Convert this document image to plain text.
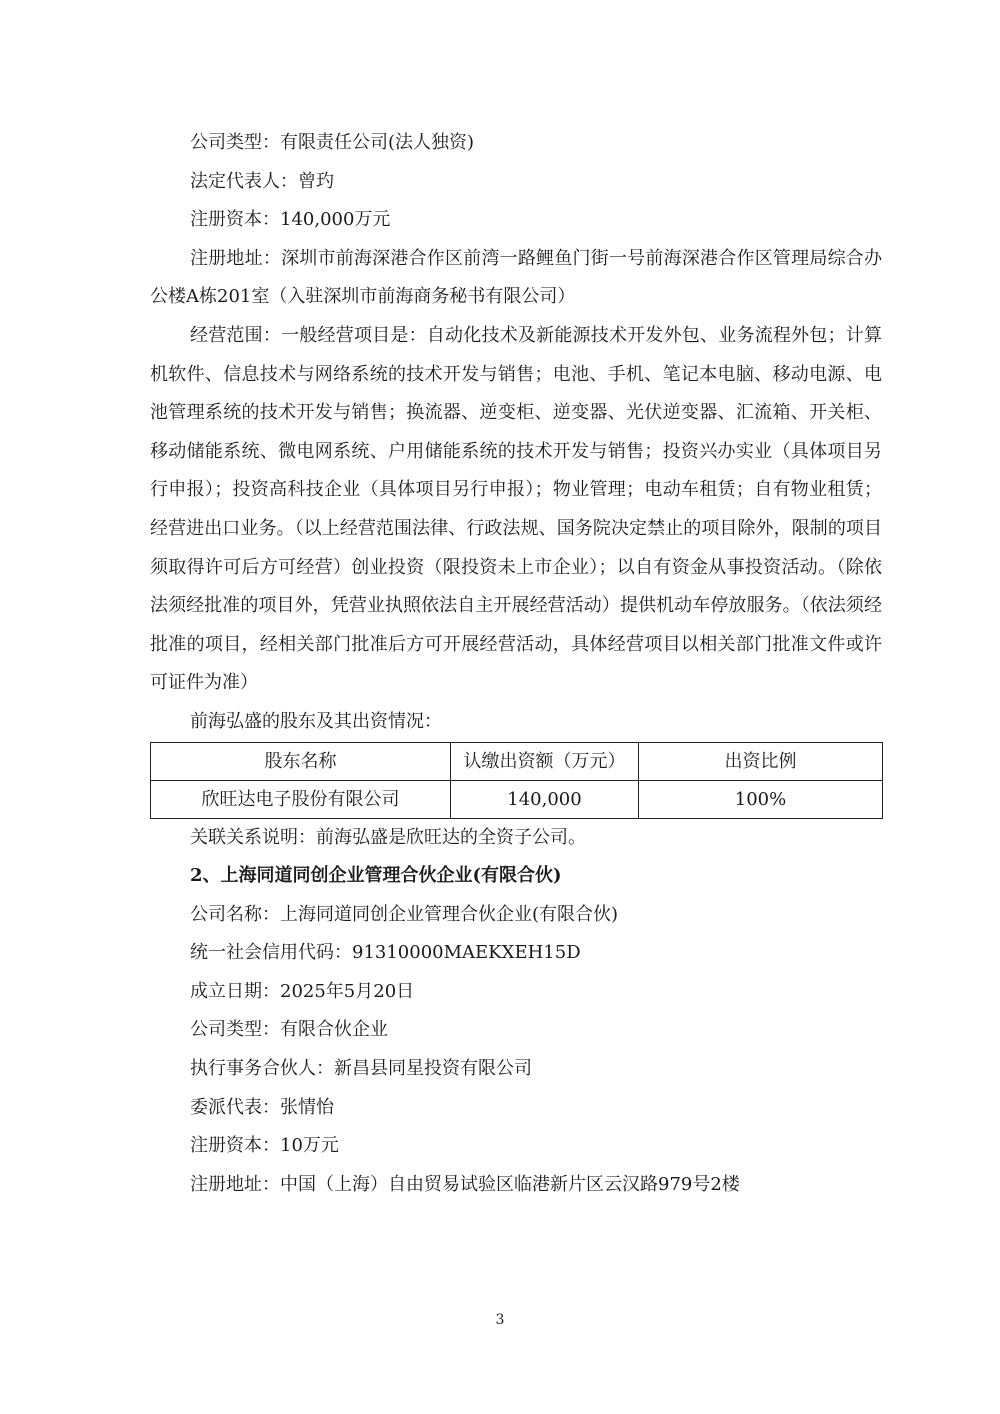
公司类型：有限责任公司(法人独资)

法定代表人：曾玓

注册资本：140,000万元

注册地址：深圳市前海深港合作区前湾一路鲤鱼门街一号前海深港合作区管理局综合办公楼A栋201室（入驻深圳市前海商务秘书有限公司）

经营范围：一般经营项目是：自动化技术及新能源技术开发外包、业务流程外包；计算机软件、信息技术与网络系统的技术开发与销售；电池、手机、笔记本电脑、移动电源、电池管理系统的技术开发与销售；换流器、逆变柜、逆变器、光伏逆变器、汇流箱、开关柜、移动储能系统、微电网系统、户用储能系统的技术开发与销售；投资兴办实业（具体项目另行申报）；投资高科技企业（具体项目另行申报）；物业管理；电动车租赁；自有物业租赁；经营进出口业务。（以上经营范围法律、行政法规、国务院决定禁止的项目除外，限制的项目须取得许可后方可经营）创业投资（限投资未上市企业）；以自有资金从事投资活动。（除依法须经批准的项目外，凭营业执照依法自主开展经营活动）提供机动车停放服务。（依法须经批准的项目，经相关部门批准后方可开展经营活动，具体经营项目以相关部门批准文件或许可证件为准）

前海弘盛的股东及其出资情况：

股东名称	认缴出资额（万元）	出资比例
欣旺达电子股份有限公司	140,000	100%

关联关系说明：前海弘盛是欣旺达的全资子公司。

2、上海同道同创企业管理合伙企业(有限合伙)

公司名称：上海同道同创企业管理合伙企业(有限合伙)

统一社会信用代码：91310000MAEKXEH15D

成立日期：2025年5月20日

公司类型：有限合伙企业

执行事务合伙人：新昌县同星投资有限公司

委派代表：张情怡

注册资本：10万元

注册地址：中国（上海）自由贸易试验区临港新片区云汉路979号2楼

3
